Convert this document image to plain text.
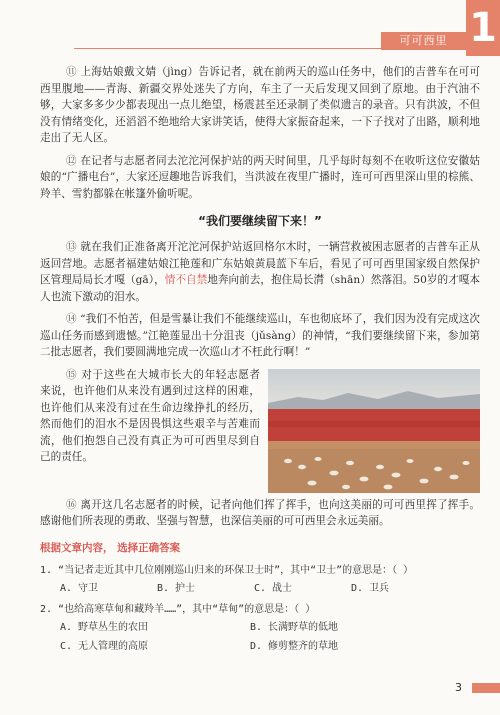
1
可可西里

⑪ 上海姑娘戴文婧（jìng）告诉记者，就在前两天的巡山任务中，他们的吉普车在可可西里腹地——青海、新疆交界处迷失了方向，车主了一天后发现又回到了原地。由于汽油不够，大家多多少少都表现出一点儿绝望，杨震甚至还录制了类似遗言的录音。只有洪波，不但没有情绪变化，还滔滔不绝地给大家讲笑话，使得大家振奋起来，一下子找对了出路，顺利地走出了无人区。

⑫ 在记者与志愿者同去沱沱河保护站的两天时间里，几乎每时每刻不在收听这位安徽姑娘的“广播电台”，大家还逗趣地告诉我们，当洪波在夜里广播时，连可可西里深山里的棕熊、羚羊、雪豹都躲在帐篷外偷听呢。

“我们要继续留下来！”

⑬ 就在我们正准备离开沱沱河保护站返回格尔木时，一辆营救被困志愿者的吉普车正从返回营地。志愿者福建姑娘江艳莲和广东姑娘黄晨蓝下车后，看见了可可西里国家级自然保护区管理局局长才嘎（gā），情不自禁地奔向前去，抱住局长潸（shān）然落泪。50岁的才嘎本人也流下激动的泪水。

⑭ “我们不怕苦，但是雪暴让我们不能继续巡山，车也彻底坏了，我们因为没有完成这次巡山任务而感到遗憾。”江艳莲显出十分沮丧（jǔsàng）的神情，“我们要继续留下来，参加第二批志愿者，我们要圆满地完成一次巡山才不枉此行啊！”

⑮ 对于这些在大城市长大的年轻志愿者来说，也许他们从来没有遇到过这样的困难，也许他们从来没有过在生命边缘挣扎的经历，然而他们的泪水不是因畏惧这些艰辛与苦难而流，他们抱怨自己没有真正为可可西里尽到自己的责任。

⑯ 离开这几名志愿者的时候，记者向他们挥了挥手，也向这美丽的可可西里挥了挥手。感谢他们所表现的勇敢、坚强与智慧，也深信美丽的可可西里会永远美丽。

根据文章内容， 选择正确答案
1. “当记者走近其中几位刚刚巡山归来的环保卫士时”，其中“卫士”的意思是：（ ）
A. 守卫	B. 护士	C. 战士	D. 卫兵
2. “也给高寒草甸和藏羚羊……”，其中“草甸”的意思是：（ ）
A. 野草丛生的农田	B. 长满野草的低地
C. 无人管理的高原	D. 修剪整齐的草地
3
